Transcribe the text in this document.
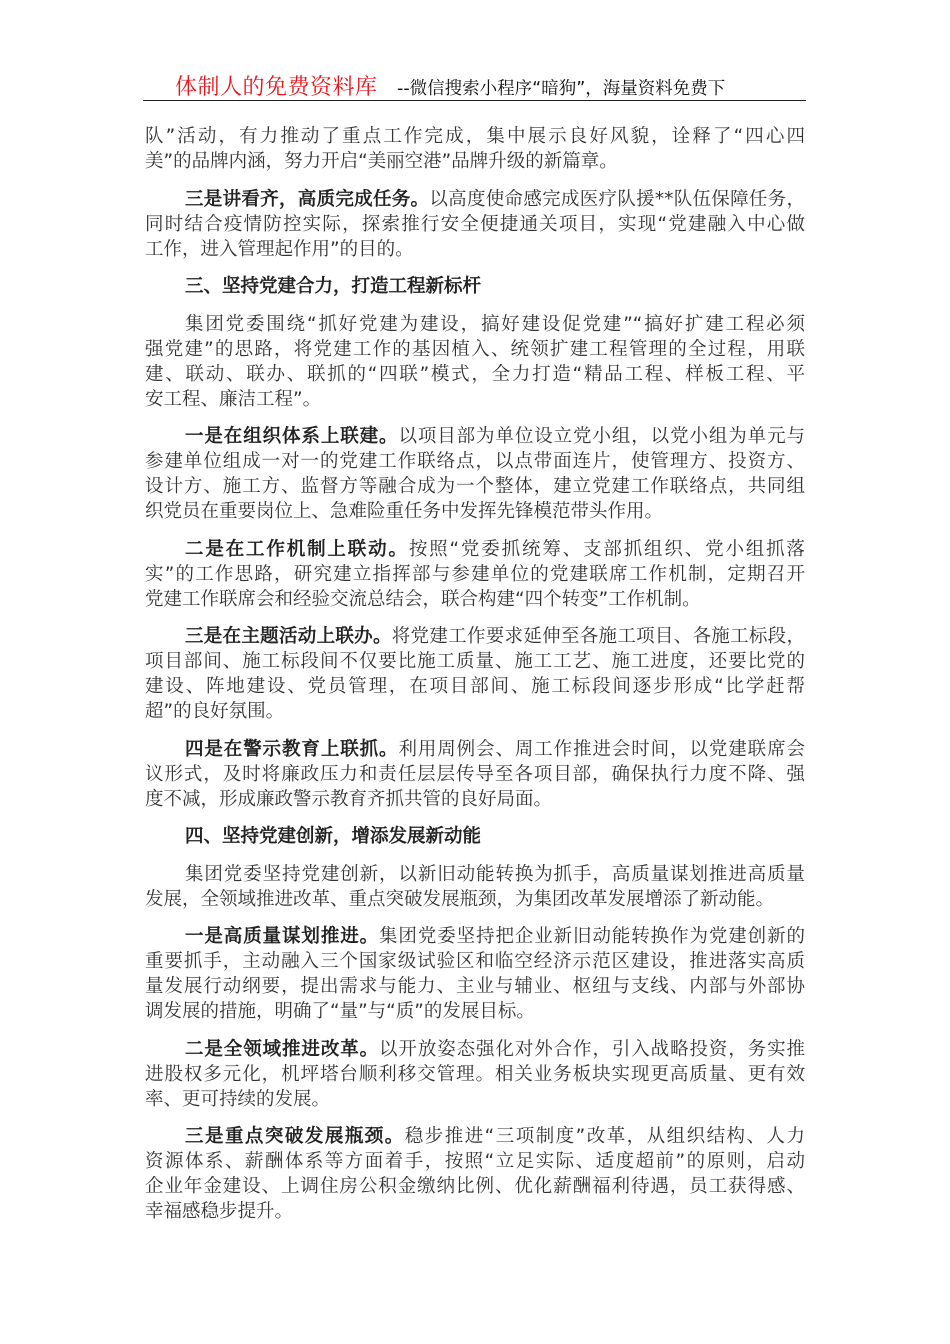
体制人的免费资料库 --微信搜索小程序“暗狗”，海量资料免费下
队”活动，有力推动了重点工作完成，集中展示良好风貌，诠释了“四心四
美”的品牌内涵，努力开启“美丽空港”品牌升级的新篇章。
三是讲看齐，高质完成任务。以高度使命感完成医疗队援**队伍保障任务，
同时结合疫情防控实际，探索推行安全便捷通关项目，实现“党建融入中心做
工作，进入管理起作用”的目的。
三、坚持党建合力，打造工程新标杆
集团党委围绕“抓好党建为建设，搞好建设促党建”“搞好扩建工程必须
强党建”的思路，将党建工作的基因植入、统领扩建工程管理的全过程，用联
建、联动、联办、联抓的“四联”模式，全力打造“精品工程、样板工程、平
安工程、廉洁工程”。
一是在组织体系上联建。以项目部为单位设立党小组，以党小组为单元与
参建单位组成一对一的党建工作联络点，以点带面连片，使管理方、投资方、
设计方、施工方、监督方等融合成为一个整体，建立党建工作联络点，共同组
织党员在重要岗位上、急难险重任务中发挥先锋模范带头作用。
二是在工作机制上联动。按照“党委抓统筹、支部抓组织、党小组抓落
实”的工作思路，研究建立指挥部与参建单位的党建联席工作机制，定期召开
党建工作联席会和经验交流总结会，联合构建“四个转变”工作机制。
三是在主题活动上联办。将党建工作要求延伸至各施工项目、各施工标段，
项目部间、施工标段间不仅要比施工质量、施工工艺、施工进度，还要比党的
建设、阵地建设、党员管理，在项目部间、施工标段间逐步形成“比学赶帮
超”的良好氛围。
四是在警示教育上联抓。利用周例会、周工作推进会时间，以党建联席会
议形式，及时将廉政压力和责任层层传导至各项目部，确保执行力度不降、强
度不减，形成廉政警示教育齐抓共管的良好局面。
四、坚持党建创新，增添发展新动能
集团党委坚持党建创新，以新旧动能转换为抓手，高质量谋划推进高质量
发展，全领域推进改革、重点突破发展瓶颈，为集团改革发展增添了新动能。
一是高质量谋划推进。集团党委坚持把企业新旧动能转换作为党建创新的
重要抓手，主动融入三个国家级试验区和临空经济示范区建设，推进落实高质
量发展行动纲要，提出需求与能力、主业与辅业、枢纽与支线、内部与外部协
调发展的措施，明确了“量”与“质”的发展目标。
二是全领域推进改革。以开放姿态强化对外合作，引入战略投资，务实推
进股权多元化，机坪塔台顺利移交管理。相关业务板块实现更高质量、更有效
率、更可持续的发展。
三是重点突破发展瓶颈。稳步推进“三项制度”改革，从组织结构、人力
资源体系、薪酬体系等方面着手，按照“立足实际、适度超前”的原则，启动
企业年金建设、上调住房公积金缴纳比例、优化薪酬福利待遇，员工获得感、
幸福感稳步提升。
